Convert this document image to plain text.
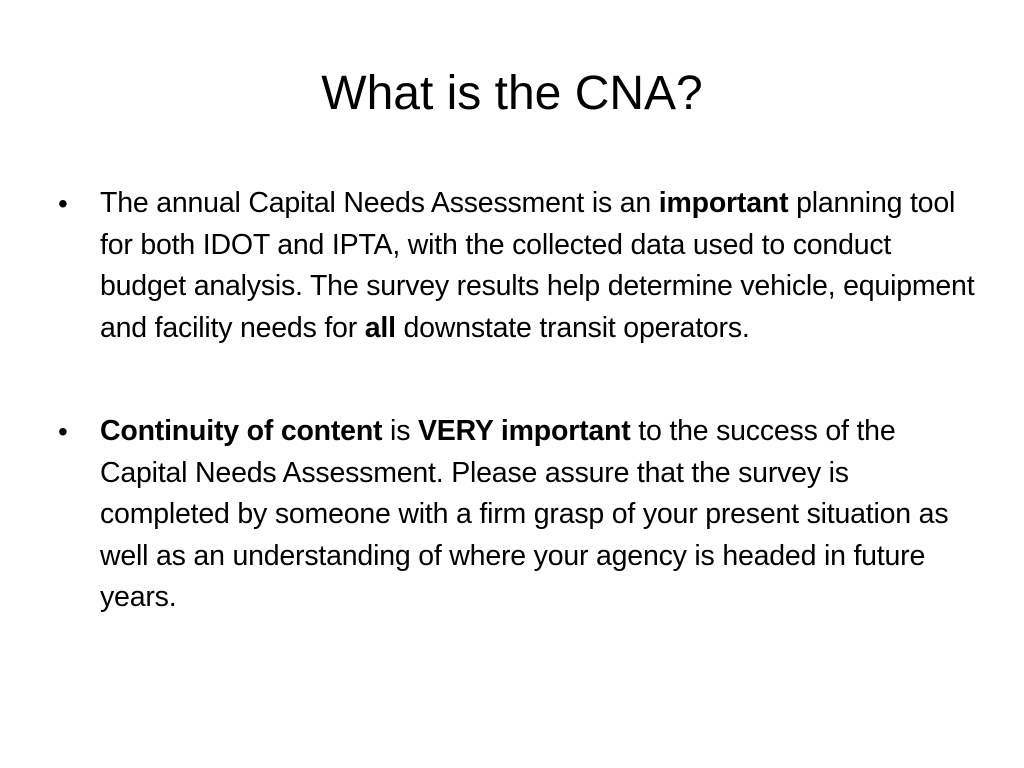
What is the CNA?
• The annual Capital Needs Assessment is an important planning tool for both IDOT and IPTA, with the collected data used to conduct budget analysis. The survey results help determine vehicle, equipment and facility needs for all downstate transit operators.
• Continuity of content is VERY important to the success of the Capital Needs Assessment. Please assure that the survey is completed by someone with a firm grasp of your present situation as well as an understanding of where your agency is headed in future years.
